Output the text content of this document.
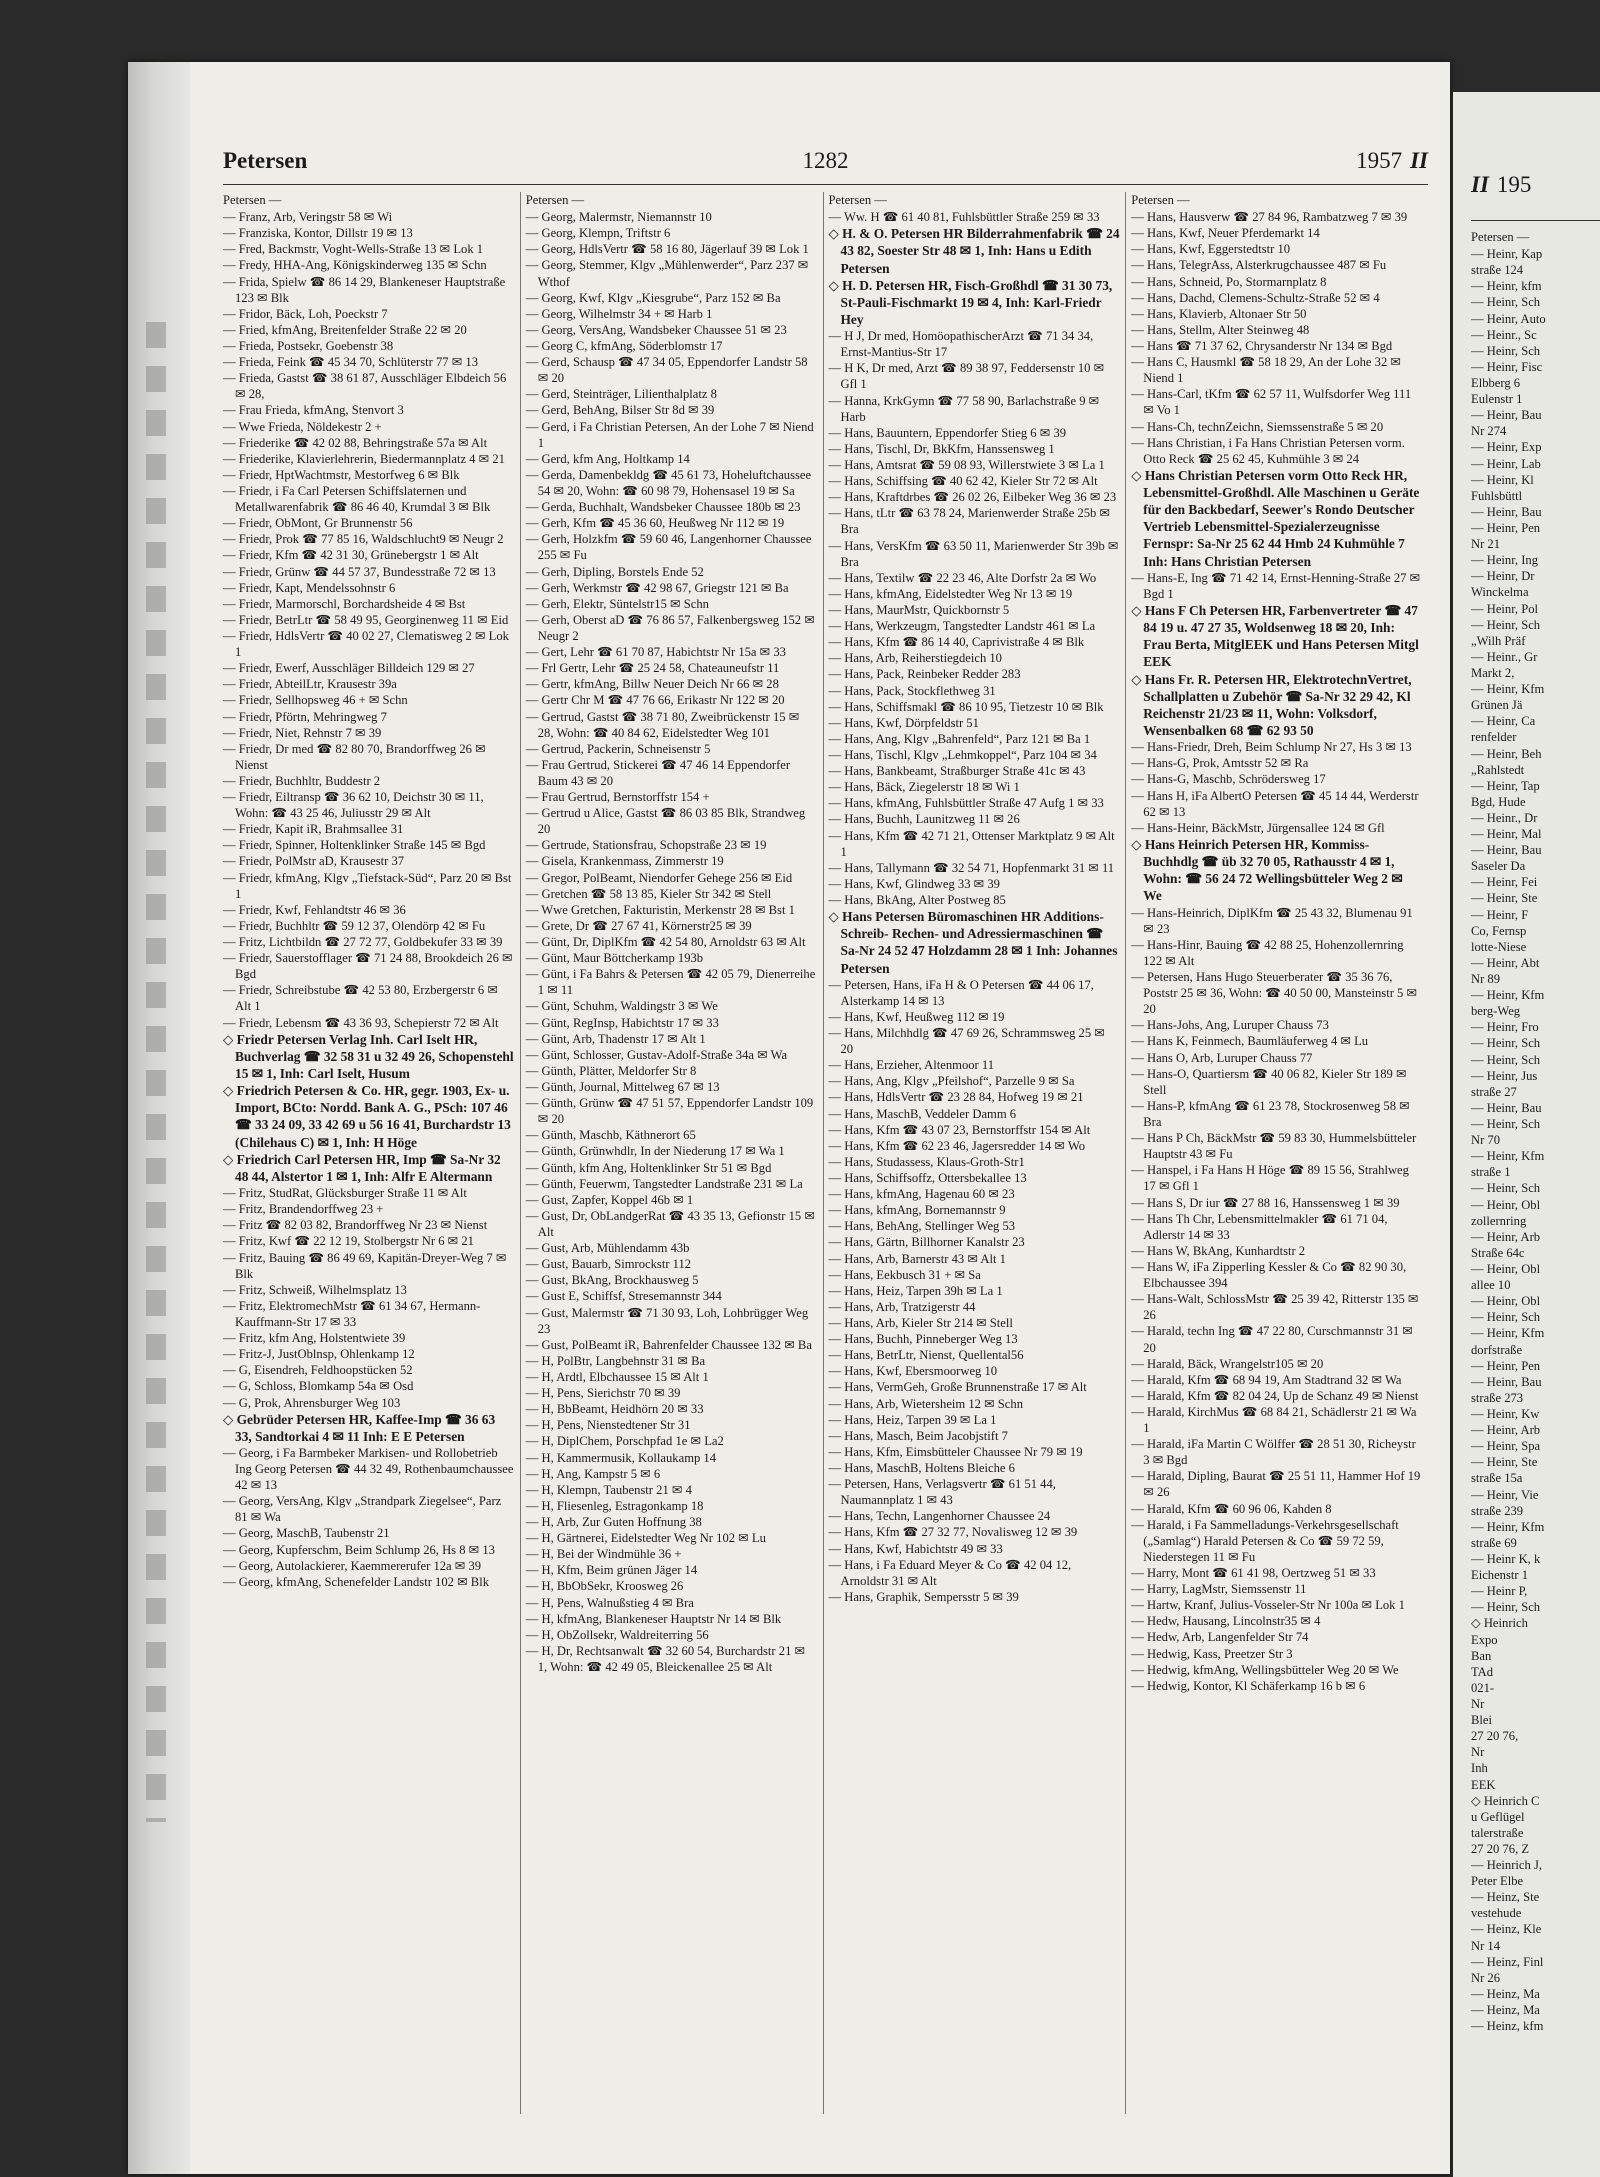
Petersen	1282	1957 II
Petersen —

— Franz, Arb, Veringstr 58 ✉ Wi

— Franziska, Kontor, Dillstr 19 ✉ 13

— Fred, Backmstr, Voght-Wells-Straße 13 ✉ Lok 1

— Fredy, HHA-Ang, Königskinderweg 135 ✉ Schn

— Frida, Spielw ☎ 86 14 29, Blankeneser Hauptstraße 123 ✉ Blk

— Fridor, Bäck, Loh, Poeckstr 7

— Fried, kfmAng, Breitenfelder Straße 22 ✉ 20

— Frieda, Postsekr, Goebenstr 38

— Frieda, Feink ☎ 45 34 70, Schlüterstr 77 ✉ 13

— Frieda, Gastst ☎ 38 61 87, Ausschläger Elbdeich 56 ✉ 28,

— Frau Frieda, kfmAng, Stenvort 3

— Wwe Frieda, Nöldekestr 2 +

— Friederike ☎ 42 02 88, Behringstraße 57a ✉ Alt

— Friederike, Klavierlehrerin, Biedermannplatz 4 ✉ 21

— Friedr, HptWachtmstr, Mestorfweg 6 ✉ Blk

— Friedr, i Fa Carl Petersen Schiffslaternen und Metallwarenfabrik ☎ 86 46 40, Krumdal 3 ✉ Blk

— Friedr, ObMont, Gr Brunnenstr 56

— Friedr, Prok ☎ 77 85 16, Waldschlucht9 ✉ Neugr 2

— Friedr, Kfm ☎ 42 31 30, Grünebergstr 1 ✉ Alt

— Friedr, Grünw ☎ 44 57 37, Bundesstraße 72 ✉ 13

— Friedr, Kapt, Mendelssohnstr 6

— Friedr, Marmorschl, Borchardsheide 4 ✉ Bst

— Friedr, BetrLtr ☎ 58 49 95, Georginenweg 11 ✉ Eid

— Friedr, HdlsVertr ☎ 40 02 27, Clematisweg 2 ✉ Lok 1

— Friedr, Ewerf, Ausschläger Billdeich 129 ✉ 27

— Friedr, AbteilLtr, Krausestr 39a

— Friedr, Sellhopsweg 46 + ✉ Schn

— Friedr, Pförtn, Mehringweg 7

— Friedr, Niet, Rehnstr 7 ✉ 39

— Friedr, Dr med ☎ 82 80 70, Brandorffweg 26 ✉ Nienst

— Friedr, Buchhltr, Buddestr 2

— Friedr, Eiltransp ☎ 36 62 10, Deichstr 30 ✉ 11, Wohn: ☎ 43 25 46, Juliusstr 29 ✉ Alt

— Friedr, Kapit iR, Brahmsallee 31

— Friedr, Spinner, Holtenklinker Straße 145 ✉ Bgd

— Friedr, PolMstr aD, Krausestr 37

— Friedr, kfmAng, Klgv „Tiefstack-Süd“, Parz 20 ✉ Bst 1

— Friedr, Kwf, Fehlandtstr 46 ✉ 36

— Friedr, Buchhltr ☎ 59 12 37, Olendörp 42 ✉ Fu

— Fritz, Lichtbildn ☎ 27 72 77, Goldbekufer 33 ✉ 39

— Friedr, Sauerstofflager ☎ 71 24 88, Brookdeich 26 ✉ Bgd

— Friedr, Schreibstube ☎ 42 53 80, Erzbergerstr 6 ✉ Alt 1

— Friedr, Lebensm ☎ 43 36 93, Schepierstr 72 ✉ Alt

◇ Friedr Petersen Verlag Inh. Carl Iselt HR, Buchverlag ☎ 32 58 31 u 32 49 26, Schopenstehl 15 ✉ 1, Inh: Carl Iselt, Husum

◇ Friedrich Petersen & Co. HR, gegr. 1903, Ex- u. Import, BCto: Nordd. Bank A. G., PSch: 107 46 ☎ 33 24 09, 33 42 69 u 56 16 41, Burchardstr 13 (Chilehaus C) ✉ 1, Inh: H Höge

◇ Friedrich Carl Petersen HR, Imp ☎ Sa-Nr 32 48 44, Alstertor 1 ✉ 1, Inh: Alfr E Altermann

— Fritz, StudRat, Glücksburger Straße 11 ✉ Alt

— Fritz, Brandendorffweg 23 +

— Fritz ☎ 82 03 82, Brandorffweg Nr 23 ✉ Nienst

— Fritz, Kwf ☎ 22 12 19, Stolbergstr Nr 6 ✉ 21

— Fritz, Bauing ☎ 86 49 69, Kapitän-Dreyer-Weg 7 ✉ Blk

— Fritz, Schweiß, Wilhelmsplatz 13

— Fritz, ElektromechMstr ☎ 61 34 67, Hermann-Kauffmann-Str 17 ✉ 33

— Fritz, kfm Ang, Holstentwiete 39

— Fritz-J, JustOblnsp, Ohlenkamp 12

— G, Eisendreh, Feldhoopstücken 52

— G, Schloss, Blomkamp 54a ✉ Osd

— G, Prok, Ahrensburger Weg 103

◇ Gebrüder Petersen HR, Kaffee-Imp ☎ 36 63 33, Sandtorkai 4 ✉ 11 Inh: E E Petersen

— Georg, i Fa Barmbeker Markisen- und Rollobetrieb Ing Georg Petersen ☎ 44 32 49, Rothenbaumchaussee 42 ✉ 13

— Georg, VersAng, Klgv „Strandpark Ziegelsee“, Parz 81 ✉ Wa

— Georg, MaschB, Taubenstr 21

— Georg, Kupferschm, Beim Schlump 26, Hs 8 ✉ 13

— Georg, Autolackierer, Kaemmererufer 12a ✉ 39

— Georg, kfmAng, Schenefelder Landstr 102 ✉ Blk

Petersen —

— Georg, Malermstr, Niemannstr 10

— Georg, Klempn, Triftstr 6

— Georg, HdlsVertr ☎ 58 16 80, Jägerlauf 39 ✉ Lok 1

— Georg, Stemmer, Klgv „Mühlenwerder“, Parz 237 ✉ Wthof

— Georg, Kwf, Klgv „Kiesgrube“, Parz 152 ✉ Ba

— Georg, Wilhelmstr 34 + ✉ Harb 1

— Georg, VersAng, Wandsbeker Chaussee 51 ✉ 23

— Georg C, kfmAng, Söderblomstr 17

— Gerd, Schausp ☎ 47 34 05, Eppendorfer Landstr 58 ✉ 20

— Gerd, Steinträger, Lilienthalplatz 8

— Gerd, BehAng, Bilser Str 8d ✉ 39

— Gerd, i Fa Christian Petersen, An der Lohe 7 ✉ Niend 1

— Gerd, kfm Ang, Holtkamp 14

— Gerda, Damenbekldg ☎ 45 61 73, Hoheluftchaussee 54 ✉ 20, Wohn: ☎ 60 98 79, Hohensasel 19 ✉ Sa

— Gerda, Buchhalt, Wandsbeker Chaussee 180b ✉ 23

— Gerh, Kfm ☎ 45 36 60, Heußweg Nr 112 ✉ 19

— Gerh, Holzkfm ☎ 59 60 46, Langenhorner Chaussee 255 ✉ Fu

— Gerh, Dipling, Borstels Ende 52

— Gerh, Werkmstr ☎ 42 98 67, Griegstr 121 ✉ Ba

— Gerh, Elektr, Süntelstr15 ✉ Schn

— Gerh, Oberst aD ☎ 76 86 57, Falkenbergsweg 152 ✉ Neugr 2

— Gert, Lehr ☎ 61 70 87, Habichtstr Nr 15a ✉ 33

— Frl Gertr, Lehr ☎ 25 24 58, Chateauneufstr 11

— Gertr, kfmAng, Billw Neuer Deich Nr 66 ✉ 28

— Gertr Chr M ☎ 47 76 66, Erikastr Nr 122 ✉ 20

— Gertrud, Gastst ☎ 38 71 80, Zweibrückenstr 15 ✉ 28, Wohn: ☎ 40 84 62, Eidelstedter Weg 101

— Gertrud, Packerin, Schneisenstr 5

— Frau Gertrud, Stickerei ☎ 47 46 14 Eppendorfer Baum 43 ✉ 20

— Frau Gertrud, Bernstorffstr 154 +

— Gertrud u Alice, Gastst ☎ 86 03 85 Blk, Strandweg 20

— Gertrude, Stationsfrau, Schopstraße 23 ✉ 19

— Gisela, Krankenmass, Zimmerstr 19

— Gregor, PolBeamt, Niendorfer Gehege 256 ✉ Eid

— Gretchen ☎ 58 13 85, Kieler Str 342 ✉ Stell

— Wwe Gretchen, Fakturistin, Merkenstr 28 ✉ Bst 1

— Grete, Dr ☎ 27 67 41, Körnerstr25 ✉ 39

— Günt, Dr, DiplKfm ☎ 42 54 80, Arnoldstr 63 ✉ Alt

— Günt, Maur Böttcherkamp 193b

— Günt, i Fa Bahrs & Petersen ☎ 42 05 79, Dienerreihe 1 ✉ 11

— Günt, Schuhm, Waldingstr 3 ✉ We

— Günt, RegInsp, Habichtstr 17 ✉ 33

— Günt, Arb, Thadenstr 17 ✉ Alt 1

— Günt, Schlosser, Gustav-Adolf-Straße 34a ✉ Wa

— Günth, Plätter, Meldorfer Str 8

— Günth, Journal, Mittelweg 67 ✉ 13

— Günth, Grünw ☎ 47 51 57, Eppendorfer Landstr 109 ✉ 20

— Günth, Maschb, Käthnerort 65

— Günth, Grünwhdlr, In der Niederung 17 ✉ Wa 1

— Günth, kfm Ang, Holtenklinker Str 51 ✉ Bgd

— Günth, Feuerwm, Tangstedter Landstraße 231 ✉ La

— Gust, Zapfer, Koppel 46b ✉ 1

— Gust, Dr, ObLandgerRat ☎ 43 35 13, Gefionstr 15 ✉ Alt

— Gust, Arb, Mühlendamm 43b

— Gust, Bauarb, Simrockstr 112

— Gust, BkAng, Brockhausweg 5

— Gust E, Schiffsf, Stresemannstr 344

— Gust, Malermstr ☎ 71 30 93, Loh, Lohbrügger Weg 23

— Gust, PolBeamt iR, Bahrenfelder Chaussee 132 ✉ Ba

— H, PolBtr, Langbehnstr 31 ✉ Ba

— H, Ardtl, Elbchaussee 15 ✉ Alt 1

— H, Pens, Sierichstr 70 ✉ 39

— H, BbBeamt, Heidhörn 20 ✉ 33

— H, Pens, Nienstedtener Str 31

— H, DiplChem, Porschpfad 1e ✉ La2

— H, Kammermusik, Kollaukamp 14

— H, Ang, Kampstr 5 ✉ 6

— H, Klempn, Taubenstr 21 ✉ 4

— H, Fliesenleg, Estragonkamp 18

— H, Arb, Zur Guten Hoffnung 38

— H, Gärtnerei, Eidelstedter Weg Nr 102 ✉ Lu

— H, Bei der Windmühle 36 +

— H, Kfm, Beim grünen Jäger 14

— H, BbObSekr, Kroosweg 26

— H, Pens, Walnußstieg 4 ✉ Bra

— H, kfmAng, Blankeneser Hauptstr Nr 14 ✉ Blk

— H, ObZollsekr, Waldreiterring 56

— H, Dr, Rechtsanwalt ☎ 32 60 54, Burchardstr 21 ✉ 1, Wohn: ☎ 42 49 05, Bleickenallee 25 ✉ Alt

Petersen —

— Ww. H ☎ 61 40 81, Fuhlsbüttler Straße 259 ✉ 33

◇ H. & O. Petersen HR Bilderrahmenfabrik ☎ 24 43 82, Soester Str 48 ✉ 1, Inh: Hans u Edith Petersen

◇ H. D. Petersen HR, Fisch-Großhdl ☎ 31 30 73, St-Pauli-Fischmarkt 19 ✉ 4, Inh: Karl-Friedr Hey

— H J, Dr med, HomöopathischerArzt ☎ 71 34 34, Ernst-Mantius-Str 17

— H K, Dr med, Arzt ☎ 89 38 97, Feddersenstr 10 ✉ Gfl 1

— Hanna, KrkGymn ☎ 77 58 90, Barlachstraße 9 ✉ Harb

— Hans, Bauuntern, Eppendorfer Stieg 6 ✉ 39

— Hans, Tischl, Dr, BkKfm, Hanssensweg 1

— Hans, Amtsrat ☎ 59 08 93, Willerstwiete 3 ✉ La 1

— Hans, Schiffsing ☎ 40 62 42, Kieler Str 72 ✉ Alt

— Hans, Kraftdrbes ☎ 26 02 26, Eilbeker Weg 36 ✉ 23

— Hans, tLtr ☎ 63 78 24, Marienwerder Straße 25b ✉ Bra

— Hans, VersKfm ☎ 63 50 11, Marienwerder Str 39b ✉ Bra

— Hans, Textilw ☎ 22 23 46, Alte Dorfstr 2a ✉ Wo

— Hans, kfmAng, Eidelstedter Weg Nr 13 ✉ 19

— Hans, MaurMstr, Quickbornstr 5

— Hans, Werkzeugm, Tangstedter Landstr 461 ✉ La

— Hans, Kfm ☎ 86 14 40, Caprivistraße 4 ✉ Blk

— Hans, Arb, Reiherstiegdeich 10

— Hans, Pack, Reinbeker Redder 283

— Hans, Pack, Stockflethweg 31

— Hans, Schiffsmakl ☎ 86 10 95, Tietzestr 10 ✉ Blk

— Hans, Kwf, Dörpfeldstr 51

— Hans, Ang, Klgv „Bahrenfeld“, Parz 121 ✉ Ba 1

— Hans, Tischl, Klgv „Lehmkoppel“, Parz 104 ✉ 34

— Hans, Bankbeamt, Straßburger Straße 41c ✉ 43

— Hans, Bäck, Ziegelerstr 18 ✉ Wi 1

— Hans, kfmAng, Fuhlsbüttler Straße 47 Aufg 1 ✉ 33

— Hans, Buchh, Launitzweg 11 ✉ 26

— Hans, Kfm ☎ 42 71 21, Ottenser Marktplatz 9 ✉ Alt 1

— Hans, Tallymann ☎ 32 54 71, Hopfenmarkt 31 ✉ 11

— Hans, Kwf, Glindweg 33 ✉ 39

— Hans, BkAng, Alter Postweg 85

◇ Hans Petersen Büromaschinen HR Additions- Schreib- Rechen- und Adressiermaschinen ☎ Sa-Nr 24 52 47 Holzdamm 28 ✉ 1 Inh: Johannes Petersen

— Petersen, Hans, iFa H & O Petersen ☎ 44 06 17, Alsterkamp 14 ✉ 13

— Hans, Kwf, Heußweg 112 ✉ 19

— Hans, Milchhdlg ☎ 47 69 26, Schrammsweg 25 ✉ 20

— Hans, Erzieher, Altenmoor 11

— Hans, Ang, Klgv „Pfeilshof“, Parzelle 9 ✉ Sa

— Hans, HdlsVertr ☎ 23 28 84, Hofweg 19 ✉ 21

— Hans, MaschB, Veddeler Damm 6

— Hans, Kfm ☎ 43 07 23, Bernstorffstr 154 ✉ Alt

— Hans, Kfm ☎ 62 23 46, Jagersredder 14 ✉ Wo

— Hans, Studassess, Klaus-Groth-Str1

— Hans, Schiffsoffz, Ottersbekallee 13

— Hans, kfmAng, Hagenau 60 ✉ 23

— Hans, kfmAng, Bornemannstr 9

— Hans, BehAng, Stellinger Weg 53

— Hans, Gärtn, Billhorner Kanalstr 23

— Hans, Arb, Barnerstr 43 ✉ Alt 1

— Hans, Eekbusch 31 + ✉ Sa

— Hans, Heiz, Tarpen 39h ✉ La 1

— Hans, Arb, Tratzigerstr 44

— Hans, Arb, Kieler Str 214 ✉ Stell

— Hans, Buchh, Pinneberger Weg 13

— Hans, BetrLtr, Nienst, Quellental56

— Hans, Kwf, Ebersmoorweg 10

— Hans, VermGeh, Große Brunnenstraße 17 ✉ Alt

— Hans, Arb, Wietersheim 12 ✉ Schn

— Hans, Heiz, Tarpen 39 ✉ La 1

— Hans, Masch, Beim Jacobjstift 7

— Hans, Kfm, Eimsbütteler Chaussee Nr 79 ✉ 19

— Hans, MaschB, Holtens Bleiche 6

— Petersen, Hans, Verlagsvertr ☎ 61 51 44, Naumannplatz 1 ✉ 43

— Hans, Techn, Langenhorner Chaussee 24

— Hans, Kfm ☎ 27 32 77, Novalisweg 12 ✉ 39

— Hans, Kwf, Habichtstr 49 ✉ 33

— Hans, i Fa Eduard Meyer & Co ☎ 42 04 12, Arnoldstr 31 ✉ Alt

— Hans, Graphik, Sempersstr 5 ✉ 39

Petersen —

— Hans, Hausverw ☎ 27 84 96, Rambatzweg 7 ✉ 39

— Hans, Kwf, Neuer Pferdemarkt 14

— Hans, Kwf, Eggerstedtstr 10

— Hans, TelegrAss, Alsterkrugchaussee 487 ✉ Fu

— Hans, Schneid, Po, Stormarnplatz 8

— Hans, Dachd, Clemens-Schultz-Straße 52 ✉ 4

— Hans, Klavierb, Altonaer Str 50

— Hans, Stellm, Alter Steinweg 48

— Hans ☎ 71 37 62, Chrysanderstr Nr 134 ✉ Bgd

— Hans C, Hausmkl ☎ 58 18 29, An der Lohe 32 ✉ Niend 1

— Hans-Carl, tKfm ☎ 62 57 11, Wulfsdorfer Weg 111 ✉ Vo 1

— Hans-Ch, technZeichn, Siemssenstraße 5 ✉ 20

— Hans Christian, i Fa Hans Christian Petersen vorm. Otto Reck ☎ 25 62 45, Kuhmühle 3 ✉ 24

◇ Hans Christian Petersen vorm Otto Reck HR, Lebensmittel-Großhdl. Alle Maschinen u Geräte für den Backbedarf, Seewer's Rondo Deutscher Vertrieb Lebensmittel-Spezialerzeugnisse Fernspr: Sa-Nr 25 62 44 Hmb 24 Kuhmühle 7 Inh: Hans Christian Petersen

— Hans-E, Ing ☎ 71 42 14, Ernst-Henning-Straße 27 ✉ Bgd 1

◇ Hans F Ch Petersen HR, Farbenvertreter ☎ 47 84 19 u. 47 27 35, Woldsenweg 18 ✉ 20, Inh: Frau Berta, MitglEEK und Hans Petersen Mitgl EEK

◇ Hans Fr. R. Petersen HR, ElektrotechnVertret, Schallplatten u Zubehör ☎ Sa-Nr 32 29 42, Kl Reichenstr 21/23 ✉ 11, Wohn: Volksdorf, Wensenbalken 68 ☎ 62 93 50

— Hans-Friedr, Dreh, Beim Schlump Nr 27, Hs 3 ✉ 13

— Hans-G, Prok, Amtsstr 52 ✉ Ra

— Hans-G, Maschb, Schrödersweg 17

— Hans H, iFa AlbertO Petersen ☎ 45 14 44, Werderstr 62 ✉ 13

— Hans-Heinr, BäckMstr, Jürgensallee 124 ✉ Gfl

◇ Hans Heinrich Petersen HR, Kommiss-Buchhdlg ☎ üb 32 70 05, Rathausstr 4 ✉ 1, Wohn: ☎ 56 24 72 Wellingsbütteler Weg 2 ✉ We

— Hans-Heinrich, DiplKfm ☎ 25 43 32, Blumenau 91 ✉ 23

— Hans-Hinr, Bauing ☎ 42 88 25, Hohenzollernring 122 ✉ Alt

— Petersen, Hans Hugo Steuerberater ☎ 35 36 76, Poststr 25 ✉ 36, Wohn: ☎ 40 50 00, Mansteinstr 5 ✉ 20

— Hans-Johs, Ang, Luruper Chauss 73

— Hans K, Feinmech, Baumläuferweg 4 ✉ Lu

— Hans O, Arb, Luruper Chauss 77

— Hans-O, Quartiersm ☎ 40 06 82, Kieler Str 189 ✉ Stell

— Hans-P, kfmAng ☎ 61 23 78, Stockrosenweg 58 ✉ Bra

— Hans P Ch, BäckMstr ☎ 59 83 30, Hummelsbütteler Hauptstr 43 ✉ Fu

— Hanspel, i Fa Hans H Höge ☎ 89 15 56, Strahlweg 17 ✉ Gfl 1

— Hans S, Dr iur ☎ 27 88 16, Hanssensweg 1 ✉ 39

— Hans Th Chr, Lebensmittelmakler ☎ 61 71 04, Adlerstr 14 ✉ 33

— Hans W, BkAng, Kunhardtstr 2

— Hans W, iFa Zipperling Kessler & Co ☎ 82 90 30, Elbchaussee 394

— Hans-Walt, SchlossMstr ☎ 25 39 42, Ritterstr 135 ✉ 26

— Harald, techn Ing ☎ 47 22 80, Curschmannstr 31 ✉ 20

— Harald, Bäck, Wrangelstr105 ✉ 20

— Harald, Kfm ☎ 68 94 19, Am Stadtrand 32 ✉ Wa

— Harald, Kfm ☎ 82 04 24, Up de Schanz 49 ✉ Nienst

— Harald, KirchMus ☎ 68 84 21, Schädlerstr 21 ✉ Wa 1

— Harald, iFa Martin C Wölffer ☎ 28 51 30, Richeystr 3 ✉ Bgd

— Harald, Dipling, Baurat ☎ 25 51 11, Hammer Hof 19 ✉ 26

— Harald, Kfm ☎ 60 96 06, Kahden 8

— Harald, i Fa Sammelladungs-Verkehrsgesellschaft („Samlag“) Harald Petersen & Co ☎ 59 72 59, Niederstegen 11 ✉ Fu

— Harry, Mont ☎ 61 41 98, Oertzweg 51 ✉ 33

— Harry, LagMstr, Siemssenstr 11

— Hartw, Kranf, Julius-Vosseler-Str Nr 100a ✉ Lok 1

— Hedw, Hausang, Lincolnstr35 ✉ 4

— Hedw, Arb, Langenfelder Str 74

— Hedwig, Kass, Preetzer Str 3

— Hedwig, kfmAng, Wellingsbütteler Weg 20 ✉ We

— Hedwig, Kontor, Kl Schäferkamp 16 b ✉ 6

II 195
Petersen —

— Heinr, Kap

straße 124

— Heinr, kfm

— Heinr, Sch

— Heinr, Auto

— Heinr., Sc

— Heinr, Sch

— Heinr, Fisc

Elbberg 6

Eulenstr 1

— Heinr, Bau

Nr 274

— Heinr, Exp

— Heinr, Lab

— Heinr, Kl

Fuhlsbüttl

— Heinr, Bau

— Heinr, Pen

Nr 21

— Heinr, Ing

— Heinr, Dr

Winckelma

— Heinr, Pol

— Heinr, Sch

„Wilh Präf

— Heinr., Gr

Markt 2,

— Heinr, Kfm

Grünen Jä

— Heinr, Ca

renfelder

— Heinr, Beh

„Rahlstedt

— Heinr, Tap

Bgd, Hude

— Heinr., Dr

— Heinr, Mal

— Heinr, Bau

Saseler Da

— Heinr, Fei

— Heinr, Ste

— Heinr, F

Co, Fernsp

lotte-Niese

— Heinr, Abt

Nr 89

— Heinr, Kfm

berg-Weg

— Heinr, Fro

— Heinr, Sch

— Heinr, Sch

— Heinr, Jus

straße 27

— Heinr, Bau

— Heinr, Sch

Nr 70

— Heinr, Kfm

straße 1

— Heinr, Sch

— Heinr, Obl

zollernring

— Heinr, Arb

Straße 64c

— Heinr, Obl

allee 10

— Heinr, Obl

— Heinr, Sch

— Heinr, Kfm

dorfstraße

— Heinr, Pen

— Heinr, Bau

straße 273

— Heinr, Kw

— Heinr, Arb

— Heinr, Spa

— Heinr, Ste

straße 15a

— Heinr, Vie

straße 239

— Heinr, Kfm

straße 69

— Heinr K, k

Eichenstr 1

— Heinr P,

— Heinr, Sch

◇ Heinrich

Expo

Ban

TAd

021-

Nr

Blei

27 20 76,

Nr

Inh

EEK

◇ Heinrich C

u Geflügel

talerstraße

27 20 76, Z

— Heinrich J,

Peter Elbe

— Heinz, Ste

vestehude

— Heinz, Kle

Nr 14

— Heinz, Finl

Nr 26

— Heinz, Ma

— Heinz, Ma

— Heinz, kfm
